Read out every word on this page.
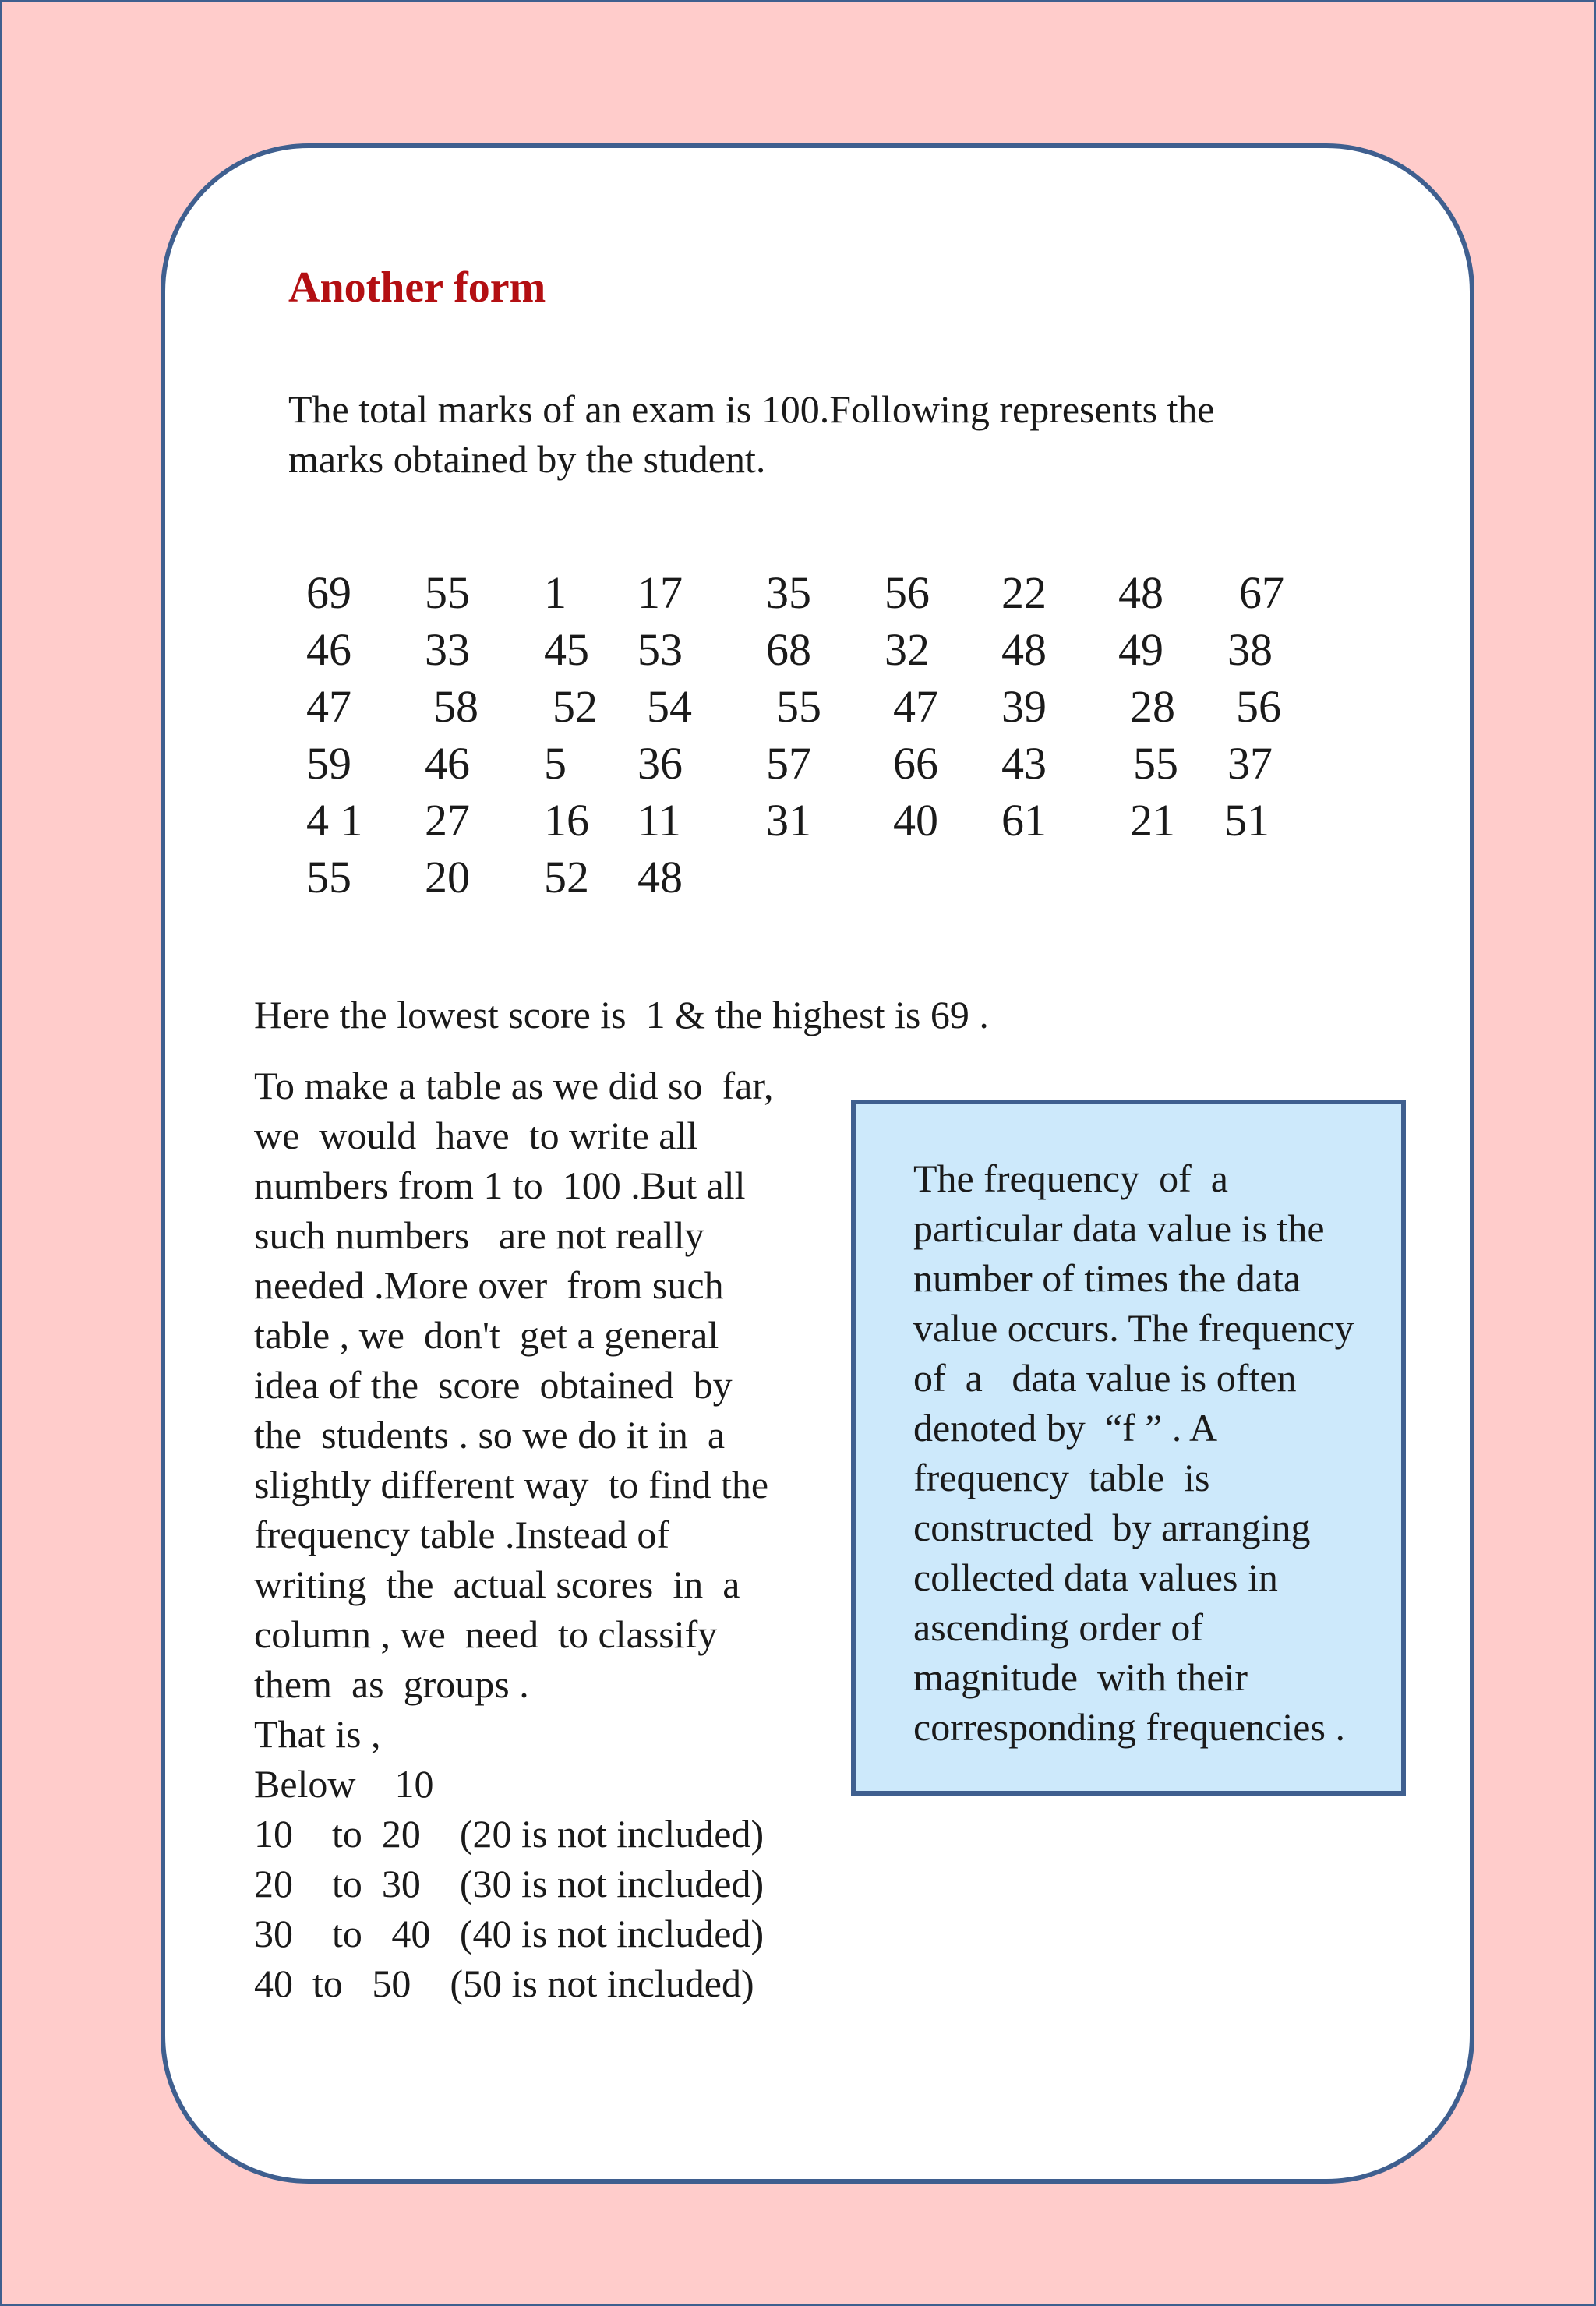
Another form
The total marks of an exam is 100.Following represents the
marks obtained by the student.
69 55 1 17 35 56 22 48 67
46 33 45 53 68 32 48 49 38
47 58 52 54 55 47 39 28 56
59 46 5 36 57 66 43 55 37
4 1 27 16 11 31 40 61 21 51
55 20 52 48
Here the lowest score is  1 & the highest is 69 .
To make a table as we did so  far,
we  would  have  to write all
numbers from 1 to  100 .But all
such numbers   are not really
needed .More over  from such
table , we  don't  get a general
idea of the  score  obtained  by
the  students . so we do it in  a
slightly different way  to find the
frequency table .Instead of
writing  the  actual scores  in  a
column , we  need  to classify
them  as  groups .
That is ,
Below    10
10    to  20    (20 is not included)
20    to  30    (30 is not included)
30    to   40   (40 is not included)
40  to   50    (50 is not included)
The frequency  of  a
particular data value is the
number of times the data
value occurs. The frequency
of  a   data value is often
denoted by  “f ” . A
frequency  table  is
constructed  by arranging
collected data values in
ascending order of
magnitude  with their
corresponding frequencies .
